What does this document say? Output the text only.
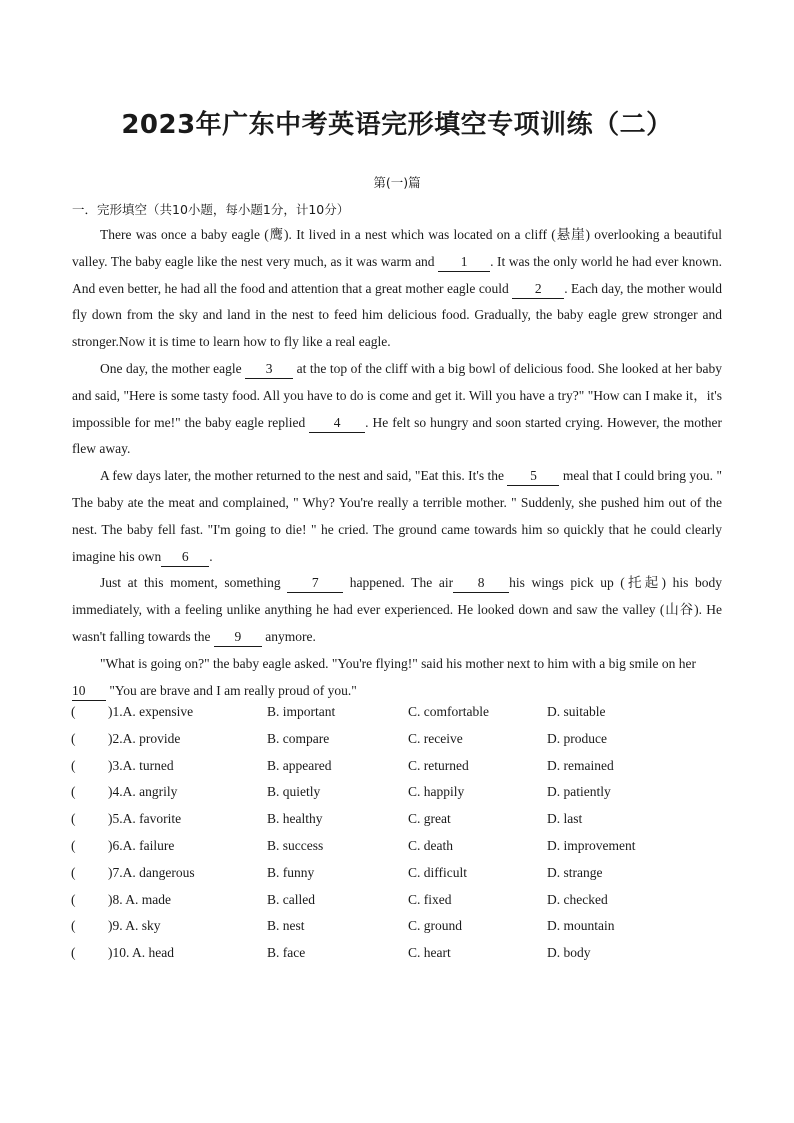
2023年广东中考英语完形填空专项训练（二）
第(一)篇
一．完形填空（共10小题，每小题1分，计10分）

There was once a baby eagle (鹰). It lived in a nest which was located on a cliff (悬崖) overlooking a beautiful valley. The baby eagle like the nest very much, as it was warm and 1 . It was the only world he had ever known. And even better, he had all the food and attention that a great mother eagle could 2 . Each day, the mother would fly down from the sky and land in the nest to feed him delicious food. Gradually, the baby eagle grew stronger and stronger.Now it is time to learn how to fly like a real eagle.

One day, the mother eagle 3 at the top of the cliff with a big bowl of delicious food. She looked at her baby and said, "Here is some tasty food. All you have to do is come and get it. Will you have a try?" "How can I make it，it's impossible for me!" the baby eagle replied 4 . He felt so hungry and soon started crying. However, the mother flew away.

A few days later, the mother returned to the nest and said, "Eat this. It's the 5 meal that I could bring you. " The baby ate the meat and complained, " Why? You're really a terrible mother. " Suddenly, she pushed him out of the nest. The baby fell fast. "I'm going to die! " he cried. The ground came towards him so quickly that he could clearly imagine his own 6 .

Just at this moment, something 7 happened. The air 8 his wings pick up (托起) his body immediately, with a feeling unlike anything he had ever experienced. He looked down and saw the valley (山谷). He wasn't falling towards the 9 anymore.

"What is going on?" the baby eagle asked. "You're flying!" said his mother next to him with a big smile on her
10 "You are brave and I am really proud of you."

( )1.A. expensive	B. important	C. comfortable	D. suitable
( )2.A. provide	B. compare	C. receive	D. produce
( )3.A. turned	B. appeared	C. returned	D. remained
( )4.A. angrily	B. quietly	C. happily	D. patiently
( )5.A. favorite	B. healthy	C. great	D. last
( )6.A. failure	B. success	C. death	D. improvement
( )7.A. dangerous	B. funny	C. difficult	D. strange
( )8. A. made	B. called	C. fixed	D. checked
( )9. A. sky	B. nest	C. ground	D. mountain
( )10. A. head	B. face	C. heart	D. body
